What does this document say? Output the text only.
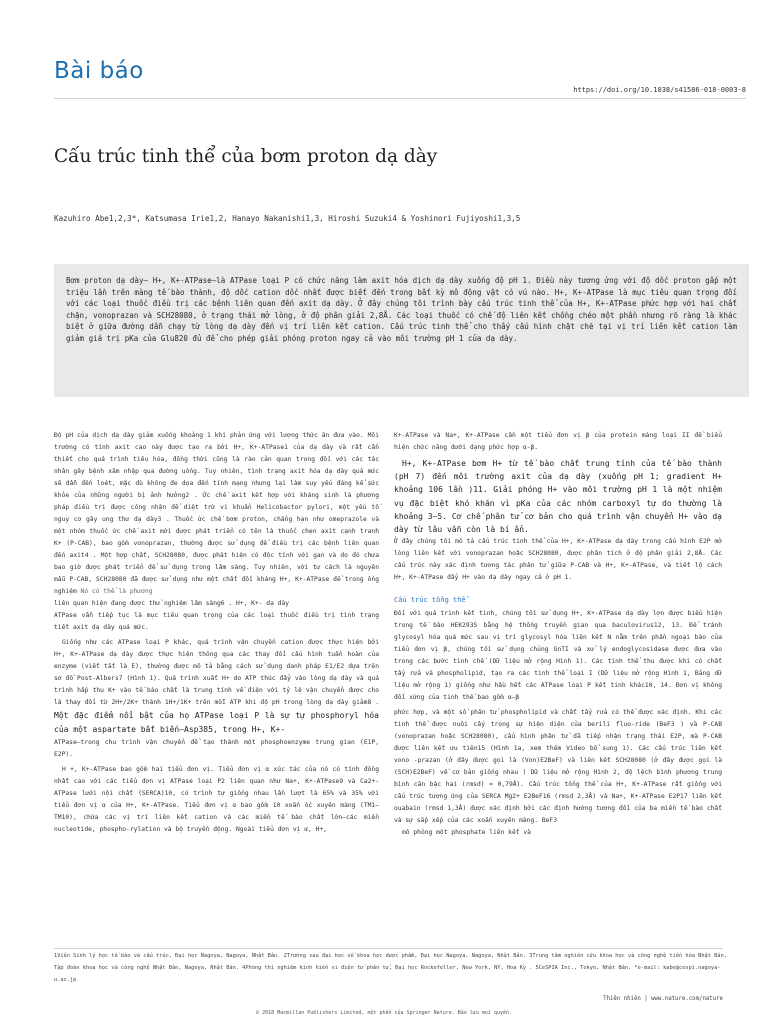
Bài báo
https://doi.org/10.1038/s41586-018-0003-8
Cấu trúc tinh thể của bơm proton dạ dày
Kazuhiro Abe1,2,3*, Katsumasa Irie1,2, Hanayo Nakanishi1,3, Hiroshi Suzuki4 & Yoshinori Fujiyoshi1,3,5
Bơm proton dạ dày— H+, K+-ATPase—là ATPase loại P có chức năng làm axit hóa dịch dạ dày xuống độ pH 1. Điều này tương ứng với độ dốc proton gấp một triệu lần trên màng tế bào thành, độ dốc cation dốc nhất được biết đến trong bất kỳ mô động vật có vú nào. H+, K+-ATPase là mục tiêu quan trọng đối với các loại thuốc điều trị các bệnh liên quan đến axit dạ dày. Ở đây chúng tôi trình bày cấu trúc tinh thể của H+, K+-ATPase phức hợp với hai chất chặn, vonoprazan và SCH28080, ở trạng thái mở lòng, ở độ phân giải 2,8Å. Các loại thuốc có chế độ liên kết chồng chéo một phần nhưng rõ ràng là khác biệt ở giữa đường dẫn chạy từ lòng dạ dày đến vị trí liên kết cation. Cấu trúc tinh thể cho thấy cấu hình chặt chẽ tại vị trí liên kết cation làm giảm giá trị pKa của Glu820 đủ để cho phép giải phóng proton ngay cả vào môi trường pH 1 của dạ dày.

Độ pH của dịch dạ dày giảm xuống khoảng 1 khi phản ứng với lượng thức ăn đưa vào. Môi trường có tính axit cao này được tạo ra bởi H+, K+-ATPase1 của dạ dày và rất cần thiết cho quá trình tiêu hóa, đồng thời cũng là rào cản quan trọng đối với các tác nhân gây bệnh xâm nhập qua đường uống. Tuy nhiên, tình trạng axit hóa dạ dày quá mức sẽ dẫn đến loét, mặc dù không đe dọa đến tính mạng nhưng lại làm suy yếu đáng kể sức khỏe của những người bị ảnh hưởng2 . Ức chế axit kết hợp với kháng sinh là phương pháp điều trị được công nhận để diệt trừ vi khuẩn Helicobactor pylori, một yếu tố nguy cơ gây ung thư dạ dày3 . Thuốc ức chế bơm proton, chẳng hạn như omeprazole và một nhóm thuốc ức chế axit mới được phát triển có tên là thuốc chẹn axit cạnh tranh K+ (P-CAB), bao gồm vonoprazan, thường được sử dụng để điều trị các bệnh liên quan đến axit4 . Một hợp chất, SCH28080, được phát hiện có độc tính với gan và do đó chưa bao giờ được phát triển để sử dụng trong lâm sàng. Tuy nhiên, với tư cách là nguyên mẫu P-CAB, SCH28080 đã được sử dụng như một chất đối kháng H+, K+-ATPase để trong ống nghiệm Nó có thể là phương
liên quan hiện đang được thử nghiệm lâm sàng6 . H+, K+- dạ dày
ATPase vẫn tiếp tục là mục tiêu quan trọng của các loại thuốc điều trị tình trạng tiết axit dạ dày quá mức.

Giống như các ATPase loại P khác, quá trình vận chuyển cation được thực hiện bởi H+, K+-ATPase dạ dày được thực hiện thông qua các thay đổi cấu hình tuần hoàn của enzyme (viết tắt là E), thường được mô tả bằng cách sử dụng danh pháp E1/E2 dựa trên sơ đồ Post-Albers7 (Hình 1). Quá trình xuất H+ do ATP thúc đẩy vào lòng dạ dày và quá trình hấp thu K+ vào tế bào chất là trung tính về điện với tỷ lệ vận chuyển được cho là thay đổi từ 2H+/2K+ thành 1H+/1K+ trên mỗi ATP khi độ pH trong lòng dạ dày giảm8 . Một đặc điểm nổi bật của họ ATPase loại P là sự tự phosphoryl hóa của một aspartate bất biến—Asp385, trong H+, K+-
ATPase—trong chu trình vận chuyển để tạo thành một phosphoenzyme trung gian (E1P, E2P).

H +, K+-ATPase bao gồm hai tiểu đơn vị. Tiểu đơn vị α xúc tác của nó có tính đồng nhất cao với các tiểu đơn vị ATPase loại P2 liên quan như Na+, K+-ATPase9 và Ca2+-ATPase lưới nội chất (SERCA)10, có trình tự giống nhau lần lượt là 65% và 35% với tiểu đơn vị α của H+, K+-ATPase. Tiểu đơn vị α bao gồm 10 xoắn ốc xuyên màng (TM1–TM10), chứa các vị trí liên kết cation và các miền tế bào chất lớn—các miền nucleotide, phospho-rylation và bộ truyền động. Ngoài tiểu đơn vị α, H+,

K+-ATPase và Na+, K+-ATPase cần một tiểu đơn vị β của protein màng loại II để biểu hiện chức năng dưới dạng phức hợp α-β.

H+, K+-ATPase bơm H+ từ tế bào chất trung tính của tế bào thành (pH 7) đến môi trường axit của dạ dày (xuống pH 1; gradient H+ khoảng 106 lần )11. Giải phóng H+ vào môi trường pH 1 là một nhiệm vụ đặc biệt khó khăn vì pKa của các nhóm carboxyl tự do thường là khoảng 3–5. Cơ chế phân tử cơ bản cho quá trình vận chuyển H+ vào dạ dày từ lâu vẫn còn là bí ẩn.
Ở đây chúng tôi mô tả cấu trúc tinh thể của H+, K+-ATPase dạ dày trong cấu hình E2P mở lòng liên kết với vonoprazan hoặc SCH28080, được phân tích ở độ phân giải 2,8Å. Các cấu trúc này xác định tương tác phân tử giữa P-CAB và H+, K+-ATPase, và tiết lộ cách H+, K+-ATPase đẩy H+ vào dạ dày ngay cả ở pH 1.

Cấu trúc tổng thể

Đối với quá trình kết tinh, chúng tôi sử dụng H+, K+-ATPase dạ dày lợn được biểu hiện trong tế bào HEK293S bằng hệ thống truyền gian qua baculovirus12, 13. Để tránh glycosyl hóa quá mức sau vị trí glycosyl hóa liên kết N nằm trên phần ngoại bào của tiểu đơn vị β, chúng tôi sử dụng chủng GnTI và xử lý endoglycosidase được đưa vào trong các bước tinh chế (Dữ liệu mở rộng Hình 1). Các tinh thể thu được khi có chất tẩy rửa và phospholipid, tạo ra các tinh thể loại I (Dữ liệu mở rộng Hình 1, Bảng dữ liệu mở rộng 1) giống như hầu hết các ATPase loại P kết tinh khác10, 14. Đơn vị không đối xứng của tinh thể bao gồm α–β

phức hợp, và một số phân tử phospholipid và chất tẩy rửa có thể được xác định. Khi các tinh thể được nuôi cấy trong sự hiện diện của berili fluo-ride (BeF3 ) và P-CAB (vonoprazan hoặc SCH28080), cấu hình phân tử đã tiếp nhận trạng thái E2P, mà P-CAB được liên kết ưu tiên15 (Hình 1a, xem thêm Video bổ sung 1). Các cấu trúc liên kết vono -prazan (ở đây được gọi là (Von)E2BeF) và liên kết SCH28080 (ở đây được gọi là (SCH)E2BeF) về cơ bản giống nhau ( Dữ liệu mở rộng Hình 2, độ lệch bình phương trung bình căn bậc hai (rmsd) = 0,79Å). Cấu trúc tổng thể của H+, K+-ATPase rất giống với cấu trúc tương ứng của SERCA Mg2+ E2BeF16 (rmsd 2,3Å) và Na+, K+-ATPase E2P17 liên kết ouabain (rmsd 1,3Å) được xác định bởi các định hướng tương đối của ba miền tế bào chất và sự sắp xếp của các xoắn xuyên màng. BeF3
mô phỏng một phosphate liên kết và

1Viện Sinh lý học tế bào và cấu trúc, Đại học Nagoya, Nagoya, Nhật Bản. 2Trường sau đại học về khoa học dược phẩm, Đại học Nagoya, Nagoya, Nhật Bản. 3Trung tâm nghiên cứu khoa học và công nghệ tiền hóa Nhật Bản, Tập đoàn khoa học và công nghệ Nhật Bản, Nagoya, Nhật Bản. 4Phòng thí nghiệm kính hiển vi điện tử phân tử, Đại học Rockefeller, New York, NY, Hoa Kỳ . 5CeSPIA Inc., Tokyo, Nhật Bản. *e-mail: kabe@cespi.nagoya-u.ac.jp
Thiên nhiên | www.nature.com/nature
© 2018 Macmillan Publishers Limited, một phần của Springer Nature. Bảo lưu mọi quyền.
